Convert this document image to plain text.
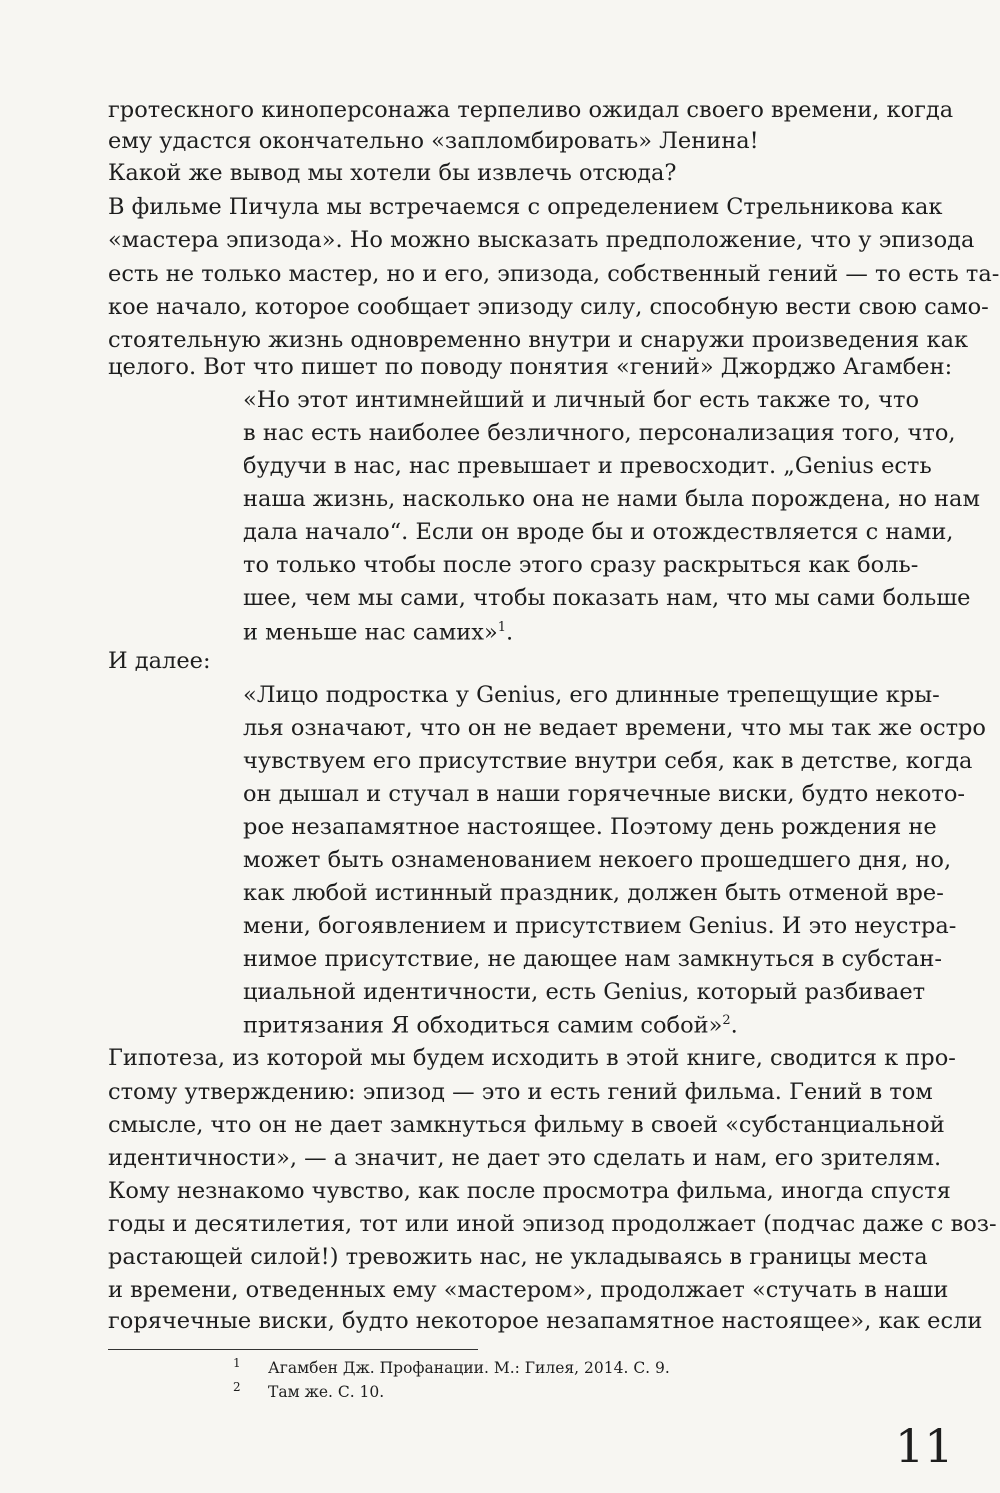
гротескного киноперсонажа терпеливо ожидал своего времени, когда
ему удастся окончательно «запломбировать» Ленина!
Какой же вывод мы хотели бы извлечь отсюда?
В фильме Пичула мы встречаемся с определением Стрельникова как
«мастера эпизода». Но можно высказать предположение, что у эпизода
есть не только мастер, но и его, эпизода, собственный гений — то есть та-
кое начало, которое сообщает эпизоду силу, способную вести свою само-
стоятельную жизнь одновременно внутри и снаружи произведения как
целого. Вот что пишет по поводу понятия «гений» Джорджо Агамбен:
«Но этот интимнейший и личный бог есть также то, что
в нас есть наиболее безличного, персонализация того, что,
будучи в нас, нас превышает и превосходит. „Genius есть
наша жизнь, насколько она не нами была порождена, но нам
дала начало“. Если он вроде бы и отождествляется с нами,
то только чтобы после этого сразу раскрыться как боль-
шее, чем мы сами, чтобы показать нам, что мы сами больше
и меньше нас самих»$^1$.
И далее:
«Лицо подростка у Genius, его длинные трепещущие кры-
лья означают, что он не ведает времени, что мы так же остро
чувствуем его присутствие внутри себя, как в детстве, когда
он дышал и стучал в наши горячечные виски, будто некото-
рое незапамятное настоящее. Поэтому день рождения не
может быть ознаменованием некоего прошедшего дня, но,
как любой истинный праздник, должен быть отменой вре-
мени, богоявлением и присутствием Genius. И это неустра-
нимое присутствие, не дающее нам замкнуться в субстан-
циальной идентичности, есть Genius, который разбивает
притязания Я обходиться самим собой»$^2$.
Гипотеза, из которой мы будем исходить в этой книге, сводится к про-
стому утверждению: эпизод — это и есть гений фильма. Гений в том
смысле, что он не дает замкнуться фильму в своей «субстанциальной
идентичности», — а значит, не дает это сделать и нам, его зрителям.
Кому незнакомо чувство, как после просмотра фильма, иногда спустя
годы и десятилетия, тот или иной эпизод продолжает (подчас даже с воз-
растающей силой!) тревожить нас, не укладываясь в границы места
и времени, отведенных ему «мастером», продолжает «стучать в наши
горячечные виски, будто некоторое незапамятное настоящее», как если
1 Агамбен Дж. Профанации. М.: Гилея, 2014. С. 9.
2 Там же. С. 10.
11
